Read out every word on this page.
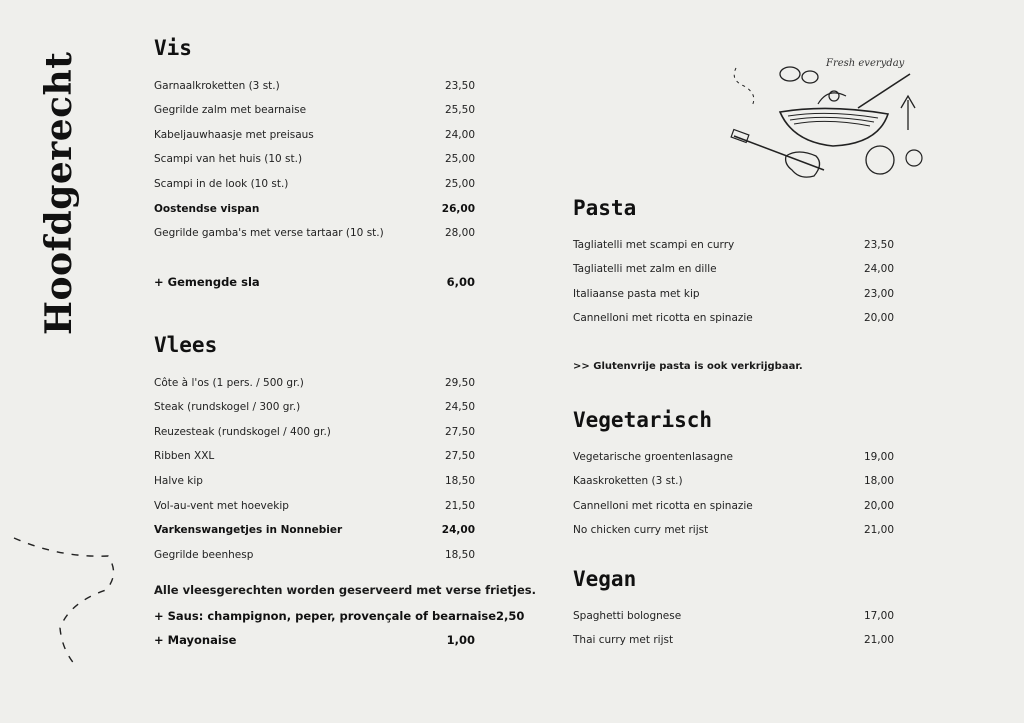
Hoofdgerecht	Fresh everyday
Vis
Garnaalkroketten (3 st.)	23,50
Gegrilde zalm met bearnaise	25,50
Kabeljauwhaasje met preisaus	24,00
Scampi van het huis (10 st.)	25,00
Scampi in de look (10 st.)	25,00
Oostendse vispan	26,00
Gegrilde gamba's met verse tartaar (10 st.)	28,00
+ Gemengde sla	6,00
Vlees
Côte à l'os (1 pers. / 500 gr.)	29,50
Steak (rundskogel / 300 gr.)	24,50
Reuzesteak (rundskogel / 400 gr.)	27,50
Ribben XXL	27,50
Halve kip	18,50
Vol-au-vent met hoevekip	21,50
Varkenswangetjes in Nonnebier	24,00
Gegrilde beenhesp	18,50
Alle vleesgerechten worden geserveerd met verse frietjes.
+ Saus: champignon, peper, provençale of bearnaise 2,50
+ Mayonaise	1,00
Pasta
Tagliatelli met scampi en curry	23,50
Tagliatelli met zalm en dille	24,00
Italiaanse pasta met kip	23,00
Cannelloni met ricotta en spinazie	20,00
>> Glutenvrije pasta is ook verkrijgbaar.
Vegetarisch
Vegetarische groentenlasagne	19,00
Kaaskroketten (3 st.)	18,00
Cannelloni met ricotta en spinazie	20,00
No chicken curry met rijst	21,00
Vegan
Spaghetti bolognese	17,00
Thai curry met rijst	21,00
